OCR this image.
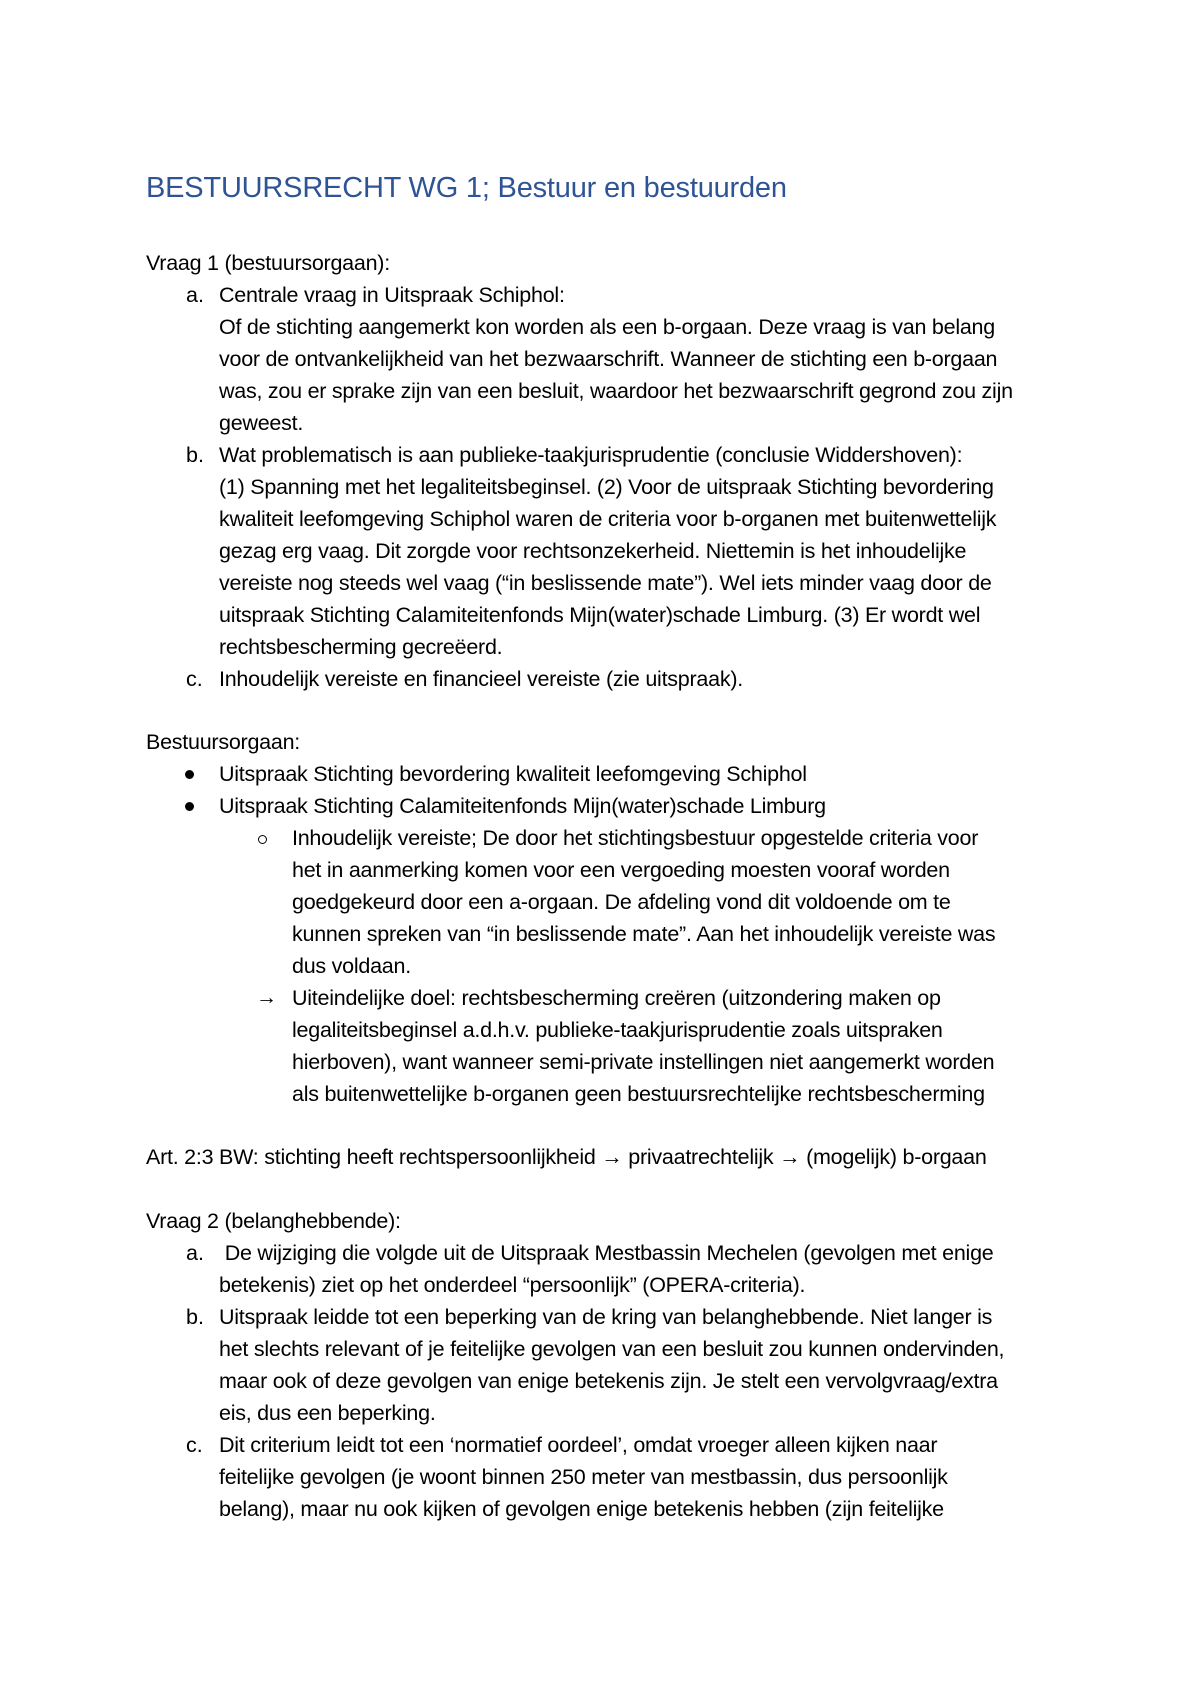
BESTUURSRECHT WG 1; Bestuur en bestuurden
Vraag 1 (bestuursorgaan):
a. Centrale vraag in Uitspraak Schiphol:
Of de stichting aangemerkt kon worden als een b-orgaan. Deze vraag is van belang
voor de ontvankelijkheid van het bezwaarschrift. Wanneer de stichting een b-orgaan
was, zou er sprake zijn van een besluit, waardoor het bezwaarschrift gegrond zou zijn
geweest.
b. Wat problematisch is aan publieke-taakjurisprudentie (conclusie Widdershoven):
(1) Spanning met het legaliteitsbeginsel. (2) Voor de uitspraak Stichting bevordering
kwaliteit leefomgeving Schiphol waren de criteria voor b-organen met buitenwettelijk
gezag erg vaag. Dit zorgde voor rechtsonzekerheid. Niettemin is het inhoudelijke
vereiste nog steeds wel vaag (“in beslissende mate”). Wel iets minder vaag door de
uitspraak Stichting Calamiteitenfonds Mijn(water)schade Limburg. (3) Er wordt wel
rechtsbescherming gecreëerd.
c. Inhoudelijk vereiste en financieel vereiste (zie uitspraak).
Bestuursorgaan:
Uitspraak Stichting bevordering kwaliteit leefomgeving Schiphol
Uitspraak Stichting Calamiteitenfonds Mijn(water)schade Limburg
Inhoudelijk vereiste; De door het stichtingsbestuur opgestelde criteria voor
het in aanmerking komen voor een vergoeding moesten vooraf worden
goedgekeurd door een a-orgaan. De afdeling vond dit voldoende om te
kunnen spreken van “in beslissende mate”. Aan het inhoudelijk vereiste was
dus voldaan.
→ Uiteindelijke doel: rechtsbescherming creëren (uitzondering maken op
legaliteitsbeginsel a.d.h.v. publieke-taakjurisprudentie zoals uitspraken
hierboven), want wanneer semi-private instellingen niet aangemerkt worden
als buitenwettelijke b-organen geen bestuursrechtelijke rechtsbescherming
Art. 2:3 BW: stichting heeft rechtspersoonlijkheid → privaatrechtelijk → (mogelijk) b-orgaan
Vraag 2 (belanghebbende):
a. De wijziging die volgde uit de Uitspraak Mestbassin Mechelen (gevolgen met enige
betekenis) ziet op het onderdeel “persoonlijk” (OPERA-criteria).
b. Uitspraak leidde tot een beperking van de kring van belanghebbende. Niet langer is
het slechts relevant of je feitelijke gevolgen van een besluit zou kunnen ondervinden,
maar ook of deze gevolgen van enige betekenis zijn. Je stelt een vervolgvraag/extra
eis, dus een beperking.
c. Dit criterium leidt tot een ‘normatief oordeel’, omdat vroeger alleen kijken naar
feitelijke gevolgen (je woont binnen 250 meter van mestbassin, dus persoonlijk
belang), maar nu ook kijken of gevolgen enige betekenis hebben (zijn feitelijke
